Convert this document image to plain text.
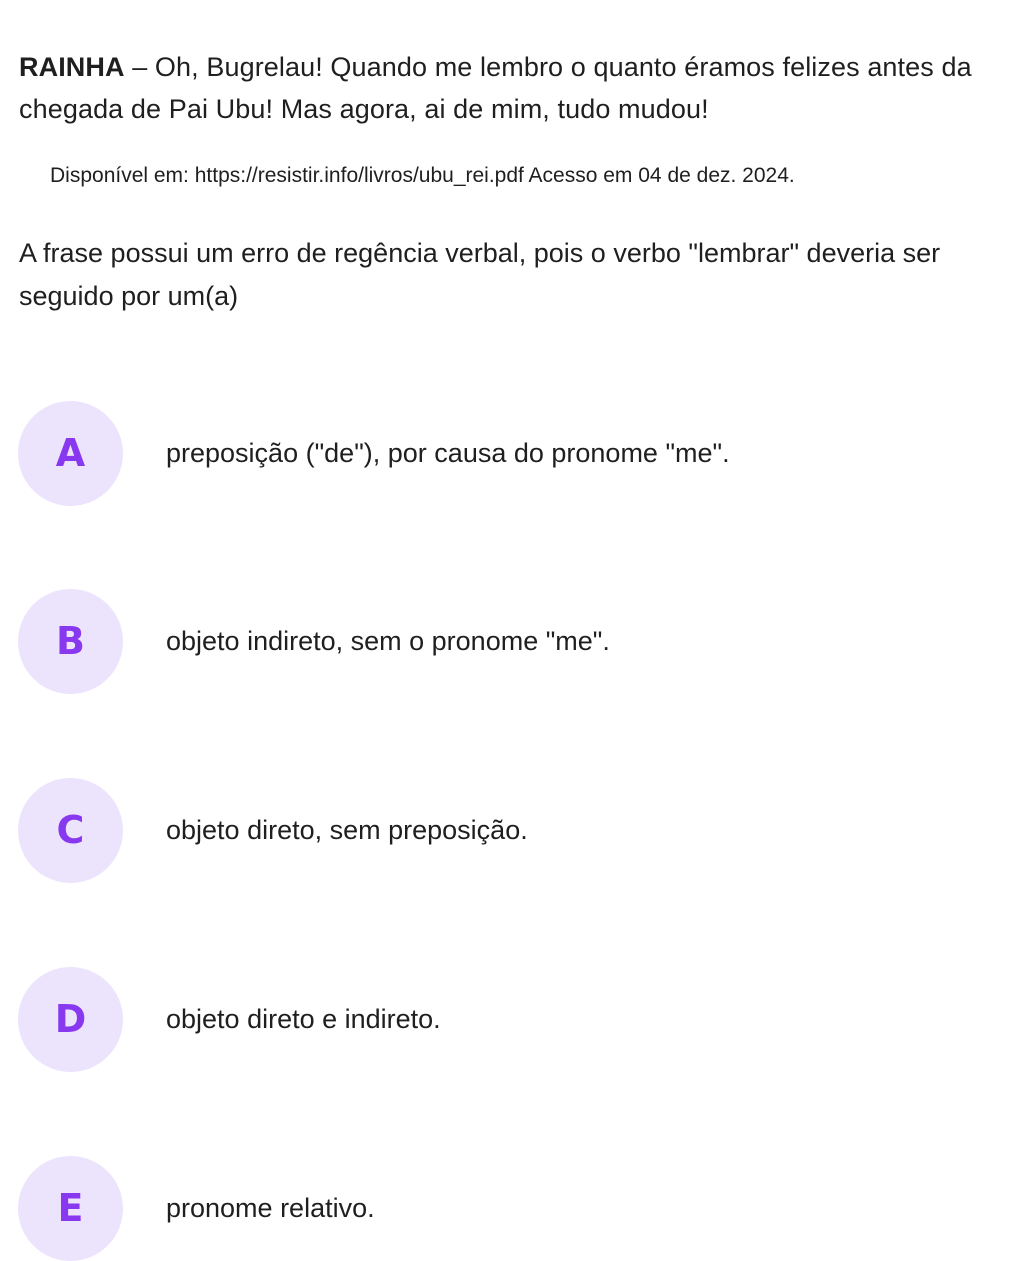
RAINHA – Oh, Bugrelau! Quando me lembro o quanto éramos felizes antes da chegada de Pai Ubu! Mas agora, ai de mim, tudo mudou!
Disponível em: https://resistir.info/livros/ubu_rei.pdf Acesso em 04 de dez. 2024.
A frase possui um erro de regência verbal, pois o verbo "lembrar" deveria ser seguido por um(a)
A	preposição ("de"), por causa do pronome "me".
B	objeto indireto, sem o pronome "me".
C	objeto direto, sem preposição.
D	objeto direto e indireto.
E	pronome relativo.
